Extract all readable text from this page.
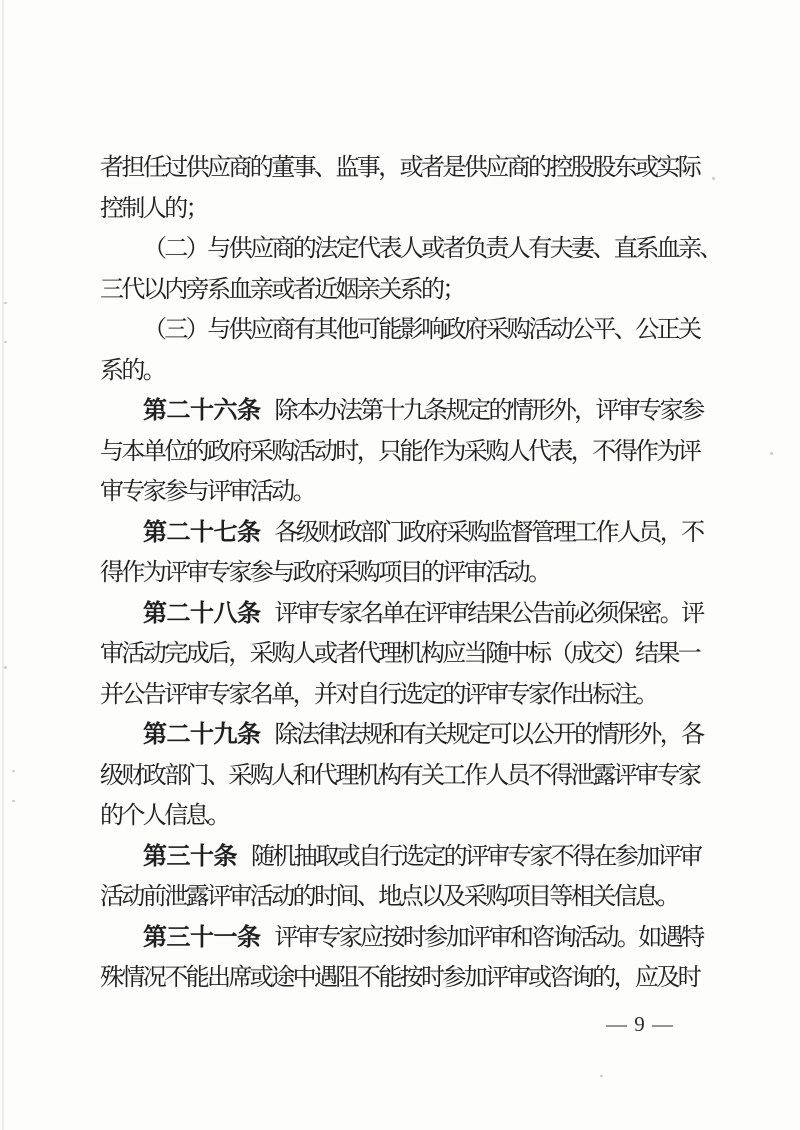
者担任过供应商的董事、监事，或者是供应商的控股股东或实际
控制人的；
（二）与供应商的法定代表人或者负责人有夫妻、直系血亲、
三代以内旁系血亲或者近姻亲关系的；
（三）与供应商有其他可能影响政府采购活动公平、公正关
系的。
第二十六条 除本办法第十九条规定的情形外，评审专家参
与本单位的政府采购活动时，只能作为采购人代表，不得作为评
审专家参与评审活动。
第二十七条 各级财政部门政府采购监督管理工作人员，不
得作为评审专家参与政府采购项目的评审活动。
第二十八条 评审专家名单在评审结果公告前必须保密。评
审活动完成后，采购人或者代理机构应当随中标（成交）结果一
并公告评审专家名单，并对自行选定的评审专家作出标注。
第二十九条 除法律法规和有关规定可以公开的情形外，各
级财政部门、采购人和代理机构有关工作人员不得泄露评审专家
的个人信息。
第三十条 随机抽取或自行选定的评审专家不得在参加评审
活动前泄露评审活动的时间、地点以及采购项目等相关信息。
第三十一条 评审专家应按时参加评审和咨询活动。如遇特
殊情况不能出席或途中遇阻不能按时参加评审或咨询的，应及时
— 9 —
